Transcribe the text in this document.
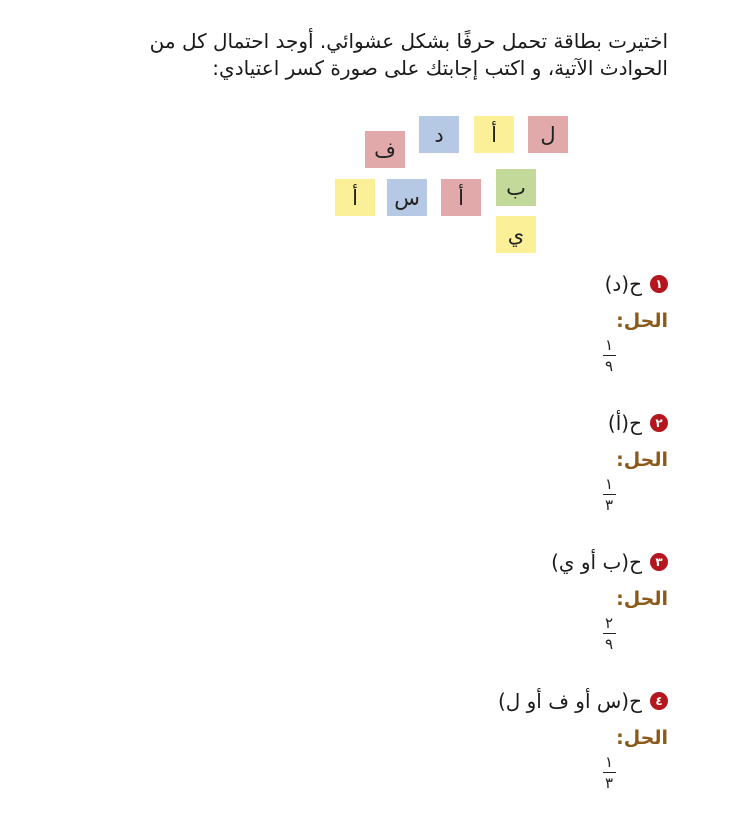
اختيرت بطاقة تحمل حرفًا بشكل عشوائي. أوجد احتمال كل من
الحوادث الآتية، و اكتب إجابتك على صورة كسر اعتيادي:
ل
أ
د
ف
ب
أ
س
أ
ي
١
ح(د)
الحل:
١
٩
٢
ح(أ)
الحل:
١
٣
٣
ح(ب أو ي)
الحل:
٢
٩
٤
ح(س أو ف أو ل)
الحل:
١
٣
